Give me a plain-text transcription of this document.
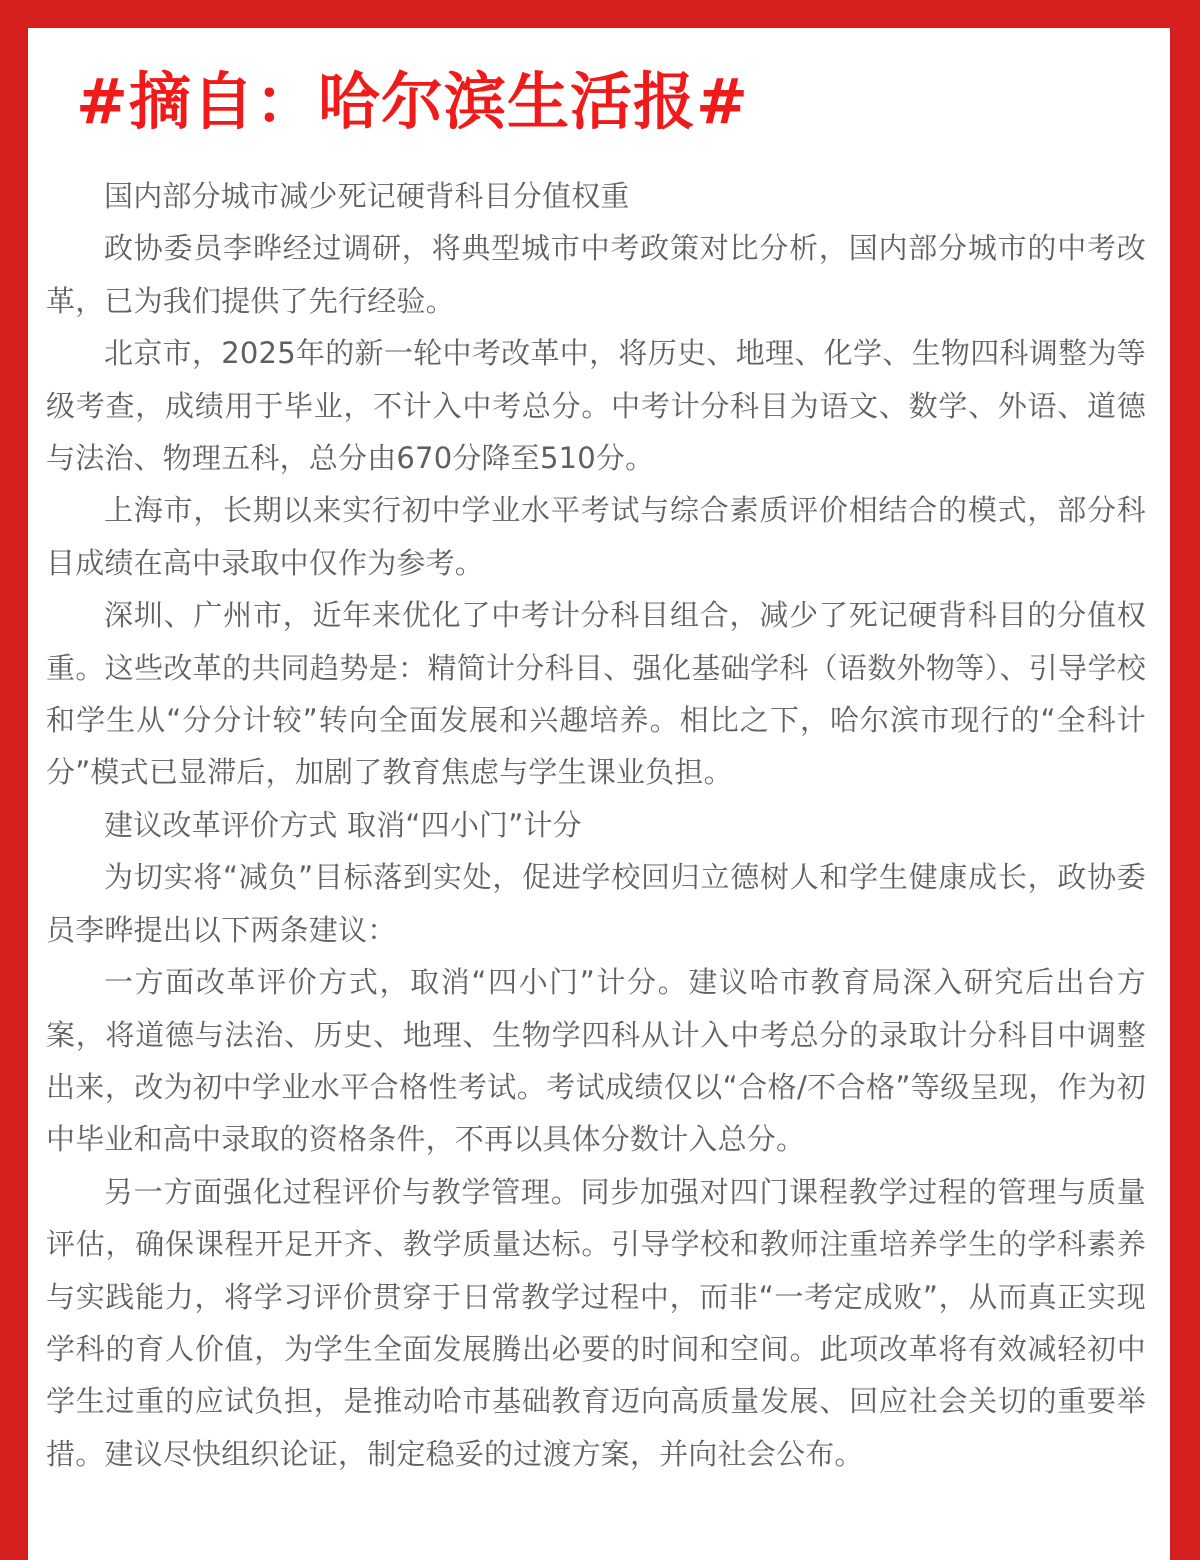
#摘自：哈尔滨生活报#

国内部分城市减少死记硬背科目分值权重

政协委员李晔经过调研，将典型城市中考政策对比分析，国内部分城市的中考改革，已为我们提供了先行经验。

北京市，2025年的新一轮中考改革中，将历史、地理、化学、生物四科调整为等级考查，成绩用于毕业，不计入中考总分。中考计分科目为语文、数学、外语、道德与法治、物理五科，总分由670分降至510分。

上海市，长期以来实行初中学业水平考试与综合素质评价相结合的模式，部分科目成绩在高中录取中仅作为参考。

深圳、广州市，近年来优化了中考计分科目组合，减少了死记硬背科目的分值权重。这些改革的共同趋势是：精简计分科目、强化基础学科（语数外物等）、引导学校和学生从“分分计较”转向全面发展和兴趣培养。相比之下，哈尔滨市现行的“全科计分”模式已显滞后，加剧了教育焦虑与学生课业负担。

建议改革评价方式 取消“四小门”计分

为切实将“减负”目标落到实处，促进学校回归立德树人和学生健康成长，政协委员李晔提出以下两条建议：

一方面改革评价方式，取消“四小门”计分。建议哈市教育局深入研究后出台方案，将道德与法治、历史、地理、生物学四科从计入中考总分的录取计分科目中调整出来，改为初中学业水平合格性考试。考试成绩仅以“合格/不合格”等级呈现，作为初中毕业和高中录取的资格条件，不再以具体分数计入总分。

另一方面强化过程评价与教学管理。同步加强对四门课程教学过程的管理与质量评估，确保课程开足开齐、教学质量达标。引导学校和教师注重培养学生的学科素养与实践能力，将学习评价贯穿于日常教学过程中，而非“一考定成败”，从而真正实现学科的育人价值，为学生全面发展腾出必要的时间和空间。此项改革将有效减轻初中学生过重的应试负担，是推动哈市基础教育迈向高质量发展、回应社会关切的重要举措。建议尽快组织论证，制定稳妥的过渡方案，并向社会公布。
